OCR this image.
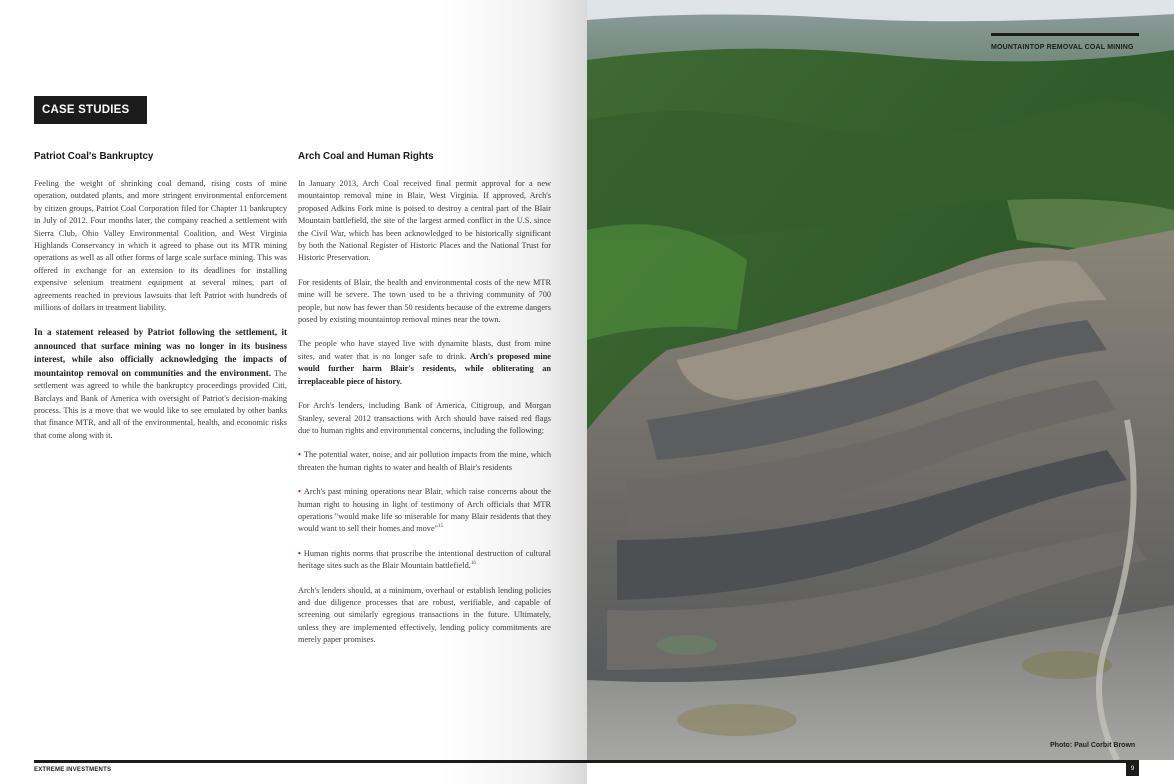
CASE STUDIES
Patriot Coal's Bankruptcy

Feeling the weight of shrinking coal demand, rising costs of mine operation, outdated plants, and more stringent environmental enforcement by citizen groups, Patriot Coal Corporation filed for Chapter 11 bankruptcy in July of 2012. Four months later, the company reached a settlement with Sierra Club, Ohio Valley Environmental Coalition, and West Virginia Highlands Conservancy in which it agreed to phase out its MTR mining operations as well as all other forms of large scale surface mining. This was offered in exchange for an extension to its deadlines for installing expensive selenium treatment equipment at several mines, part of agreements reached in previous lawsuits that left Patriot with hundreds of millions of dollars in treatment liability.

In a statement released by Patriot following the settlement, it announced that surface mining was no longer in its business interest, while also officially acknowledging the impacts of mountaintop removal on communities and the environment. The settlement was agreed to while the bankruptcy proceedings provided Citi, Barclays and Bank of America with oversight of Patriot's decision-making process. This is a move that we would like to see emulated by other banks that finance MTR, and all of the environmental, health, and economic risks that come along with it.

Arch Coal and Human Rights

In January 2013, Arch Coal received final permit approval for a new mountaintop removal mine in Blair, West Virginia. If approved, Arch's proposed Adkins Fork mine is poised to destroy a central part of the Blair Mountain battlefield, the site of the largest armed conflict in the U.S. since the Civil War, which has been acknowledged to be historically significant by both the National Register of Historic Places and the National Trust for Historic Preservation.

For residents of Blair, the health and environmental costs of the new MTR mine will be severe. The town used to be a thriving community of 700 people, but now has fewer than 50 residents because of the extreme dangers posed by existing mountaintop removal mines near the town.

The people who have stayed live with dynamite blasts, dust from mine sites, and water that is no longer safe to drink. Arch's proposed mine would further harm Blair's residents, while obliterating an irreplaceable piece of history.

For Arch's lenders, including Bank of America, Citigroup, and Morgan Stanley, several 2012 transactions with Arch should have raised red flags due to human rights and environmental concerns, including the following:

• The potential water, noise, and air pollution impacts from the mine, which threaten the human rights to water and health of Blair's residents

• Arch's past mining operations near Blair, which raise concerns about the human right to housing in light of testimony of Arch officials that MTR operations "would make life so miserable for many Blair residents that they would want to sell their homes and move"$^{15}$

• Human rights norms that proscribe the intentional destruction of cultural heritage sites such as the Blair Mountain battlefield.$^{16}$

Arch's lenders should, at a minimum, overhaul or establish lending policies and due diligence processes that are robust, verifiable, and capable of screening out similarly egregious transactions in the future. Ultimately, unless they are implemented effectively, lending policy commitments are merely paper promises.

MOUNTAINTOP REMOVAL COAL MINING
Photo: Paul Corbit Brown
EXTREME INVESTMENTS	9
